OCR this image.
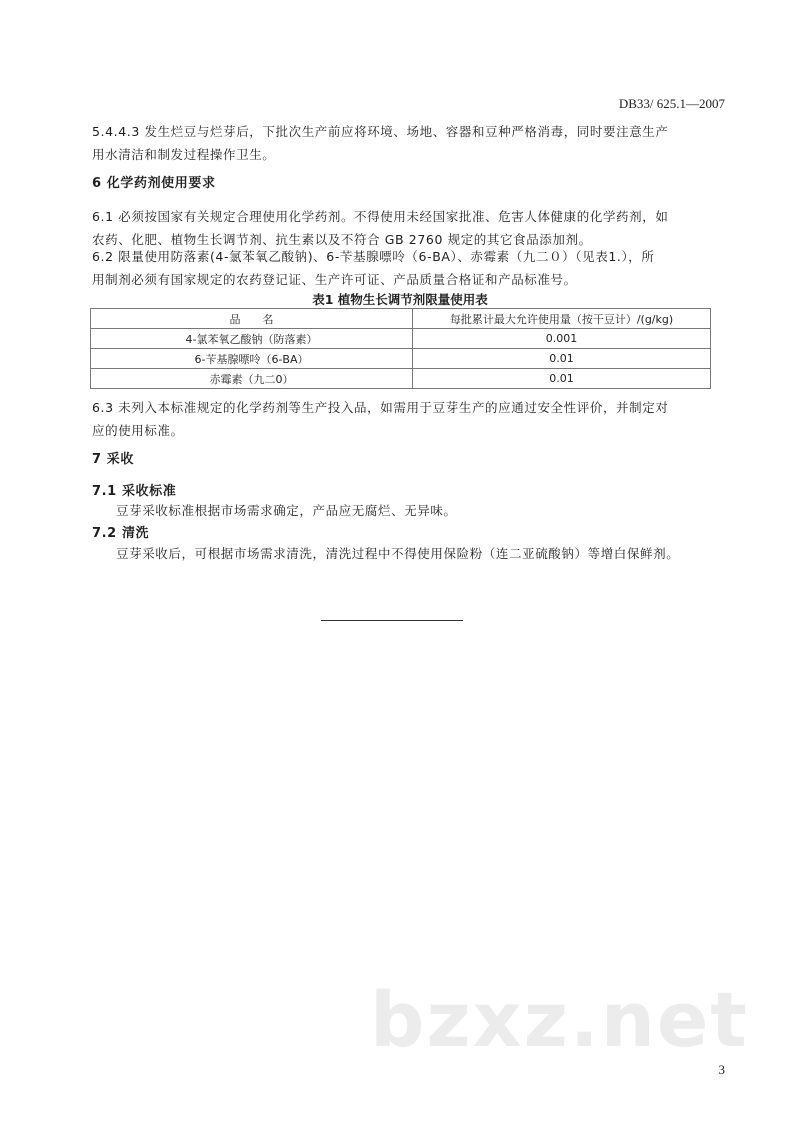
DB33/ 625.1—2007
5.4.4.3 发生烂豆与烂芽后，下批次生产前应将环境、场地、容器和豆种严格消毒，同时要注意生产
用水清洁和制发过程操作卫生。
6 化学药剂使用要求
6.1 必须按国家有关规定合理使用化学药剂。不得使用未经国家批准、危害人体健康的化学药剂，如
农药、化肥、植物生长调节剂、抗生素以及不符合 GB 2760 规定的其它食品添加剂。
6.2 限量使用防落素(4-氯苯氧乙酸钠)、6-苄基腺嘌呤（6-BA）、赤霉素（九二０）（见表1.），所
用制剂必须有国家规定的农药登记证、生产许可证、产品质量合格证和产品标准号。
表1 植物生长调节剂限量使用表
品　　名	每批累计最大允许使用量（按干豆计）/(g/kg)
4-氯苯氧乙酸钠（防落素）	0.001
6-苄基腺嘌呤（6-BA）	0.01
赤霉素（九二0）	0.01
6.3 未列入本标准规定的化学药剂等生产投入品，如需用于豆芽生产的应通过安全性评价，并制定对
应的使用标准。
7 采收
7.1 采收标准
豆芽采收标准根据市场需求确定，产品应无腐烂、无异味。
7.2 清洗
豆芽采收后，可根据市场需求清洗，清洗过程中不得使用保险粉（连二亚硫酸钠）等增白保鲜剂。
bzxz.net
3
